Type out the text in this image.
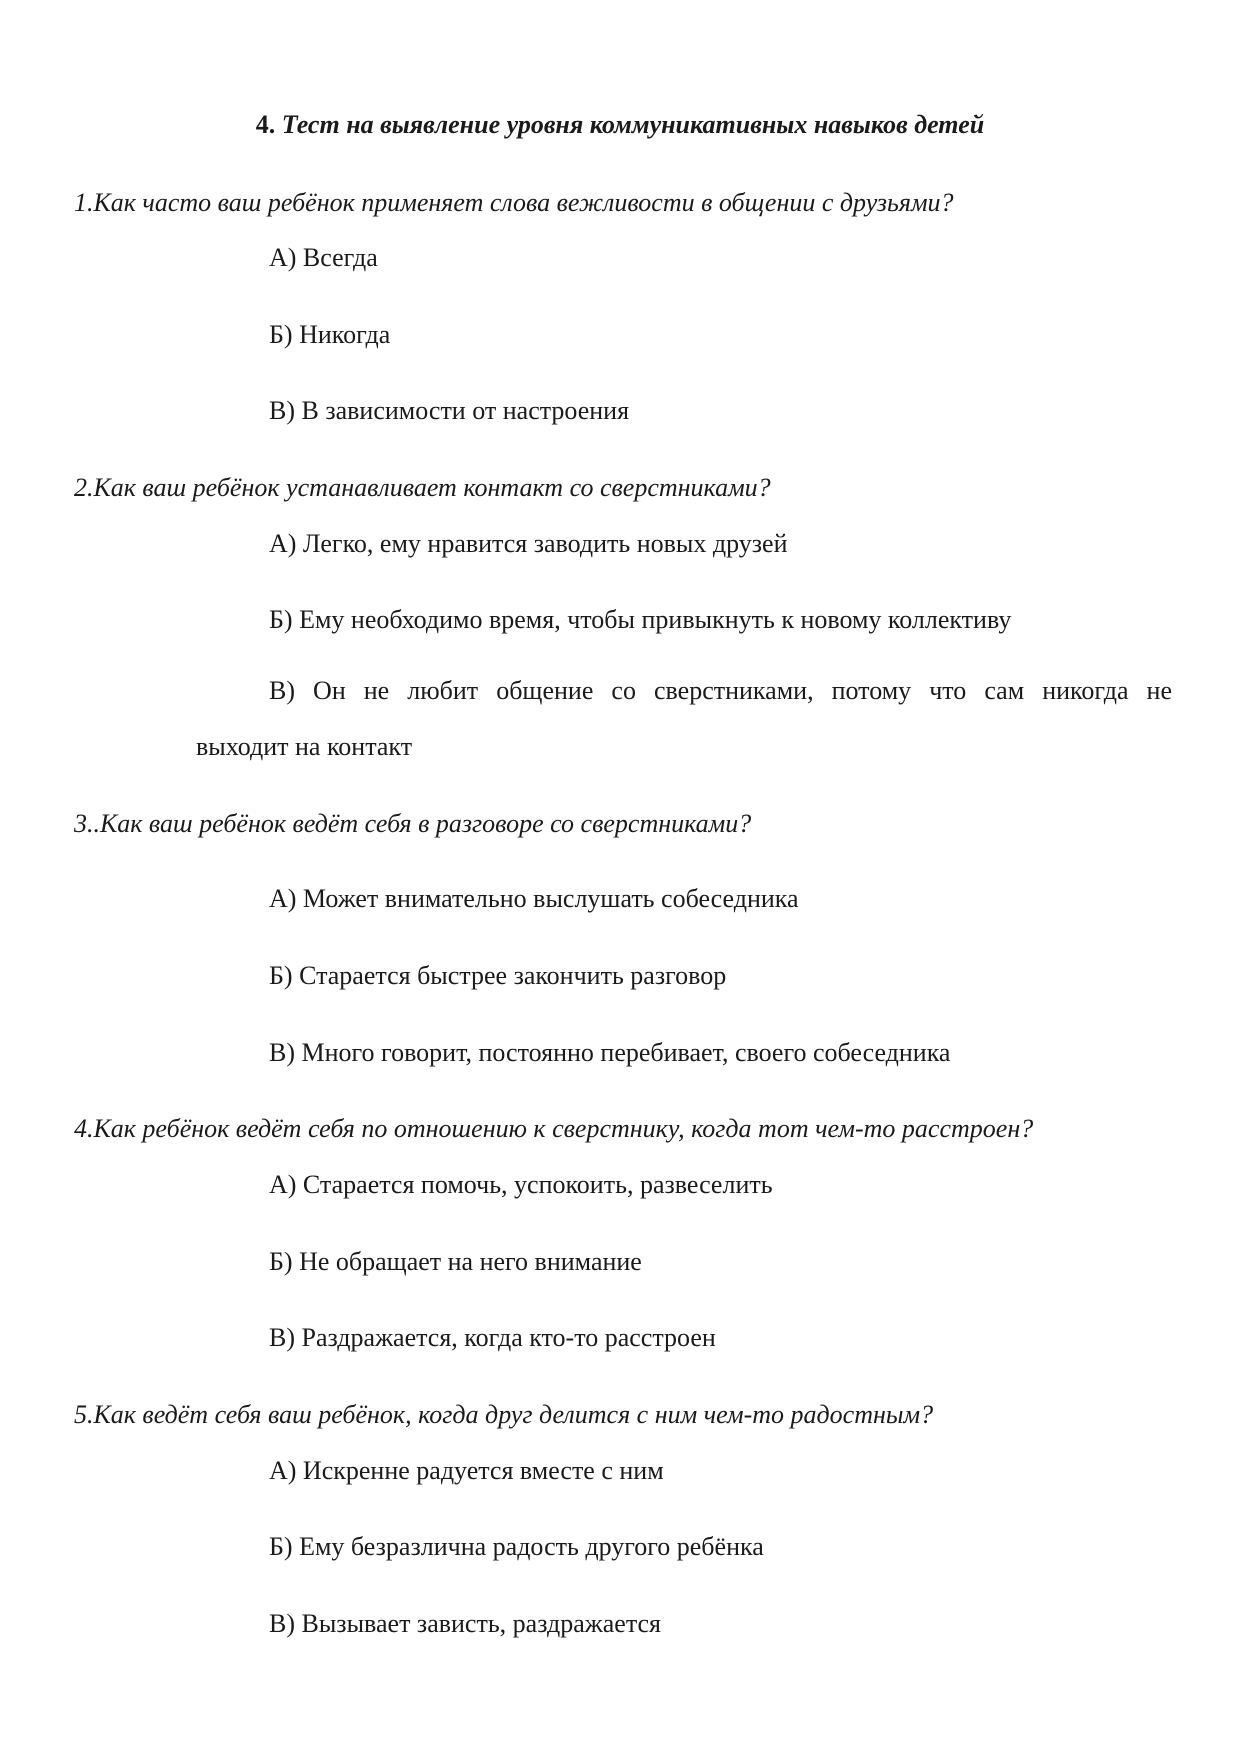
4. Тест на выявление уровня коммуникативных навыков детей
1.Как часто ваш ребёнок применяет слова вежливости в общении с друзьями?
А) Всегда
Б) Никогда
В) В зависимости от настроения
2.Как ваш ребёнок устанавливает контакт со сверстниками?
А) Легко, ему нравится заводить новых друзей
Б) Ему необходимо время, чтобы привыкнуть к новому коллективу
В) Он не любит общение со сверстниками, потому что сам никогда не
выходит на контакт
3..Как ваш ребёнок ведёт себя в разговоре со сверстниками?
А) Может внимательно выслушать собеседника
Б) Старается быстрее закончить разговор
В) Много говорит, постоянно перебивает, своего собеседника
4.Как ребёнок ведёт себя по отношению к сверстнику, когда тот чем-то расстроен?
А) Старается помочь, успокоить, развеселить
Б) Не обращает на него внимание
В) Раздражается, когда кто-то расстроен
5.Как ведёт себя ваш ребёнок, когда друг делится с ним чем-то радостным?
А) Искренне радуется вместе с ним
Б) Ему безразлична радость другого ребёнка
В) Вызывает зависть, раздражается
